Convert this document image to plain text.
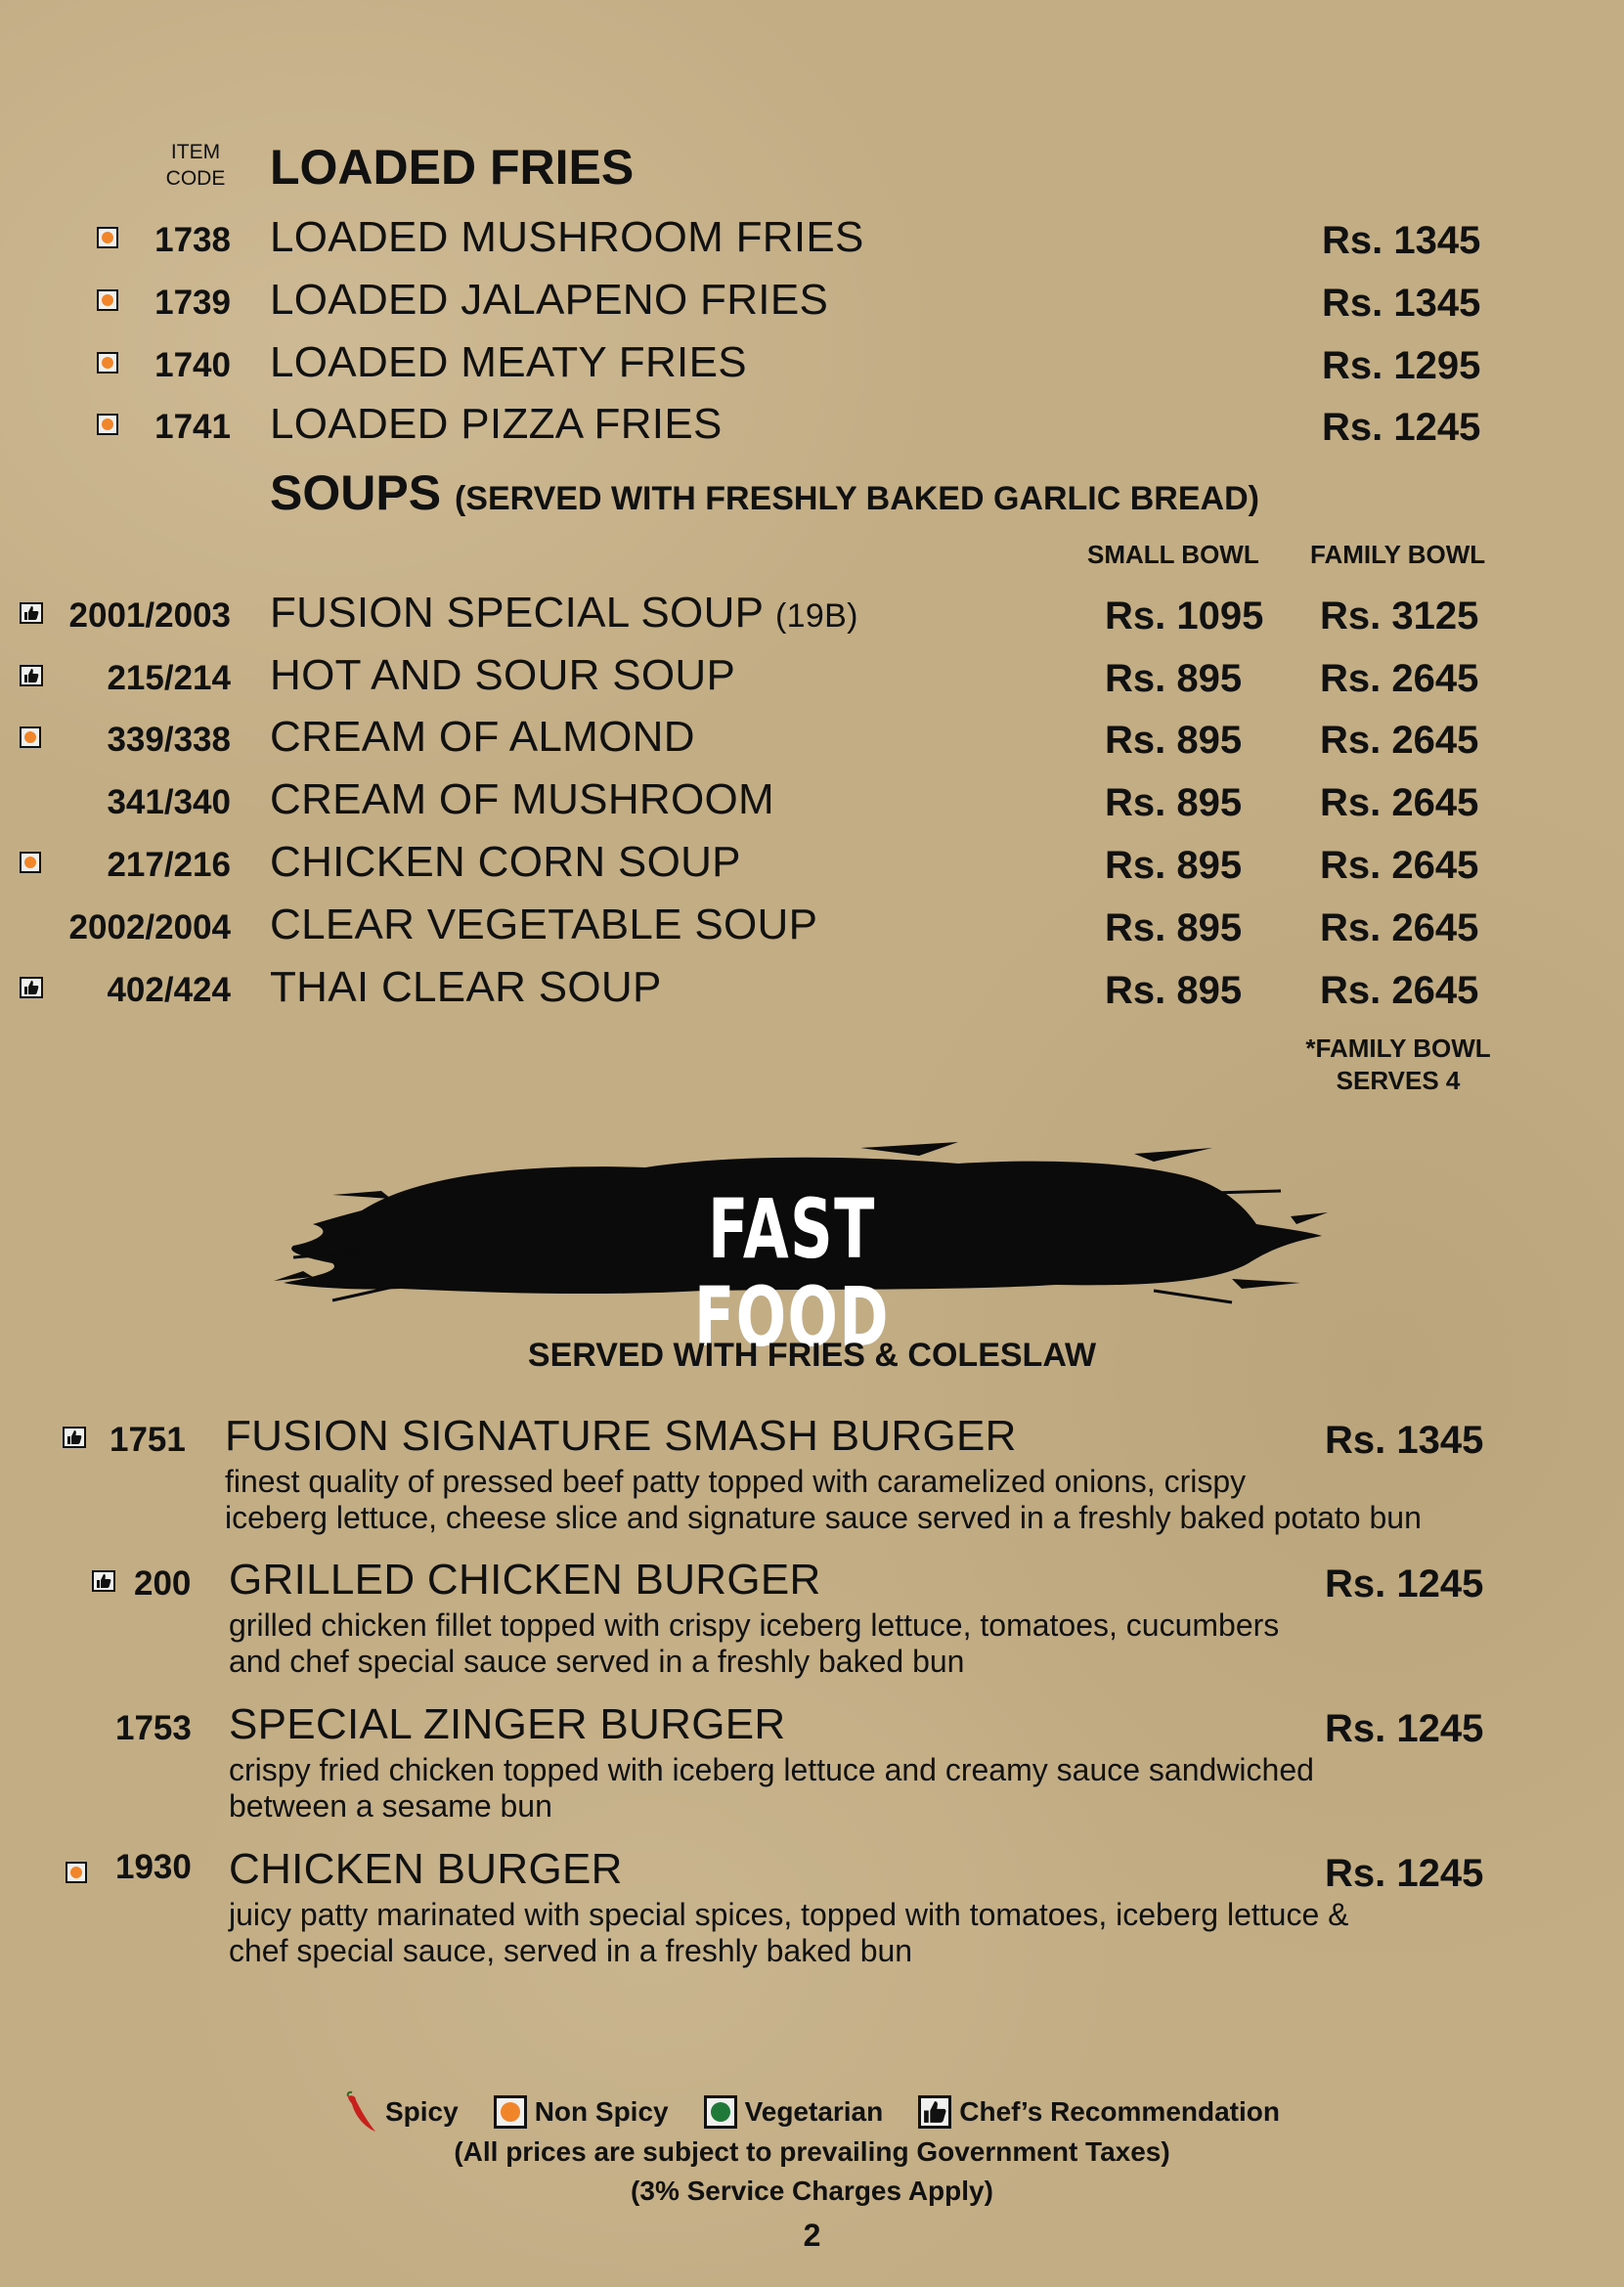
ITEM
CODE LOADED FRIES
1738 LOADED MUSHROOM FRIES	Rs. 1345
1739 LOADED JALAPENO FRIES	Rs. 1345
1740 LOADED MEATY FRIES	Rs. 1295
1741 LOADED PIZZA FRIES	Rs. 1245
SOUPS (SERVED WITH FRESHLY BAKED GARLIC BREAD)
SMALL BOWL FAMILY BOWL
2001/2003 FUSION SPECIAL SOUP (19B)	Rs. 1095 Rs. 3125
215/214 HOT AND SOUR SOUP	Rs. 895 Rs. 2645
339/338 CREAM OF ALMOND	Rs. 895 Rs. 2645
341/340 CREAM OF MUSHROOM	Rs. 895 Rs. 2645
217/216 CHICKEN CORN SOUP	Rs. 895 Rs. 2645
2002/2004 CLEAR VEGETABLE SOUP	Rs. 895 Rs. 2645
402/424 THAI CLEAR SOUP	Rs. 895 Rs. 2645
*FAMILY BOWL
SERVES 4
FAST FOOD
SERVED WITH FRIES & COLESLAW
1751 FUSION SIGNATURE SMASH BURGER	Rs. 1345
finest quality of pressed beef patty topped with caramelized onions, crispy
iceberg lettuce, cheese slice and signature sauce served in a freshly baked potato bun
200 GRILLED CHICKEN BURGER	Rs. 1245
grilled chicken fillet topped with crispy iceberg lettuce, tomatoes, cucumbers
and chef special sauce served in a freshly baked bun
1753 SPECIAL ZINGER BURGER	Rs. 1245
crispy fried chicken topped with iceberg lettuce and creamy sauce sandwiched
between a sesame bun
1930 CHICKEN BURGER	Rs. 1245
juicy patty marinated with special spices, topped with tomatoes, iceberg lettuce &
chef special sauce, served in a freshly baked bun
Spicy	Non Spicy	Vegetarian	Chef’s Recommendation
(All prices are subject to prevailing Government Taxes)
(3% Service Charges Apply)
2
